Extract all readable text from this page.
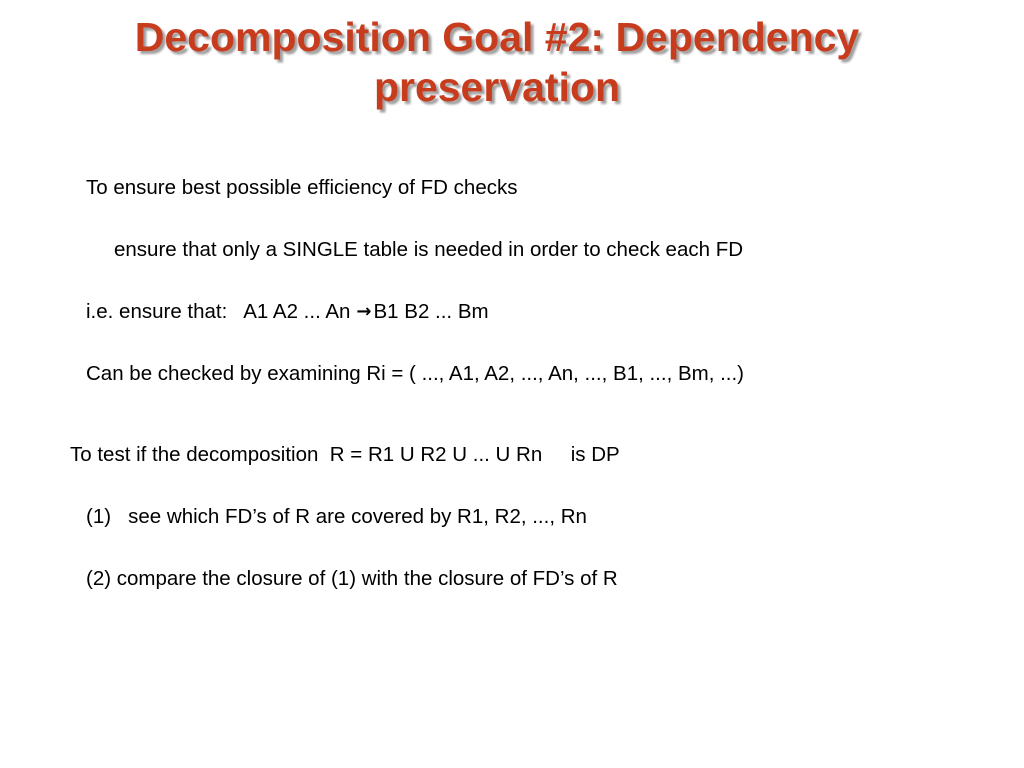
Decomposition Goal #2: Dependency
preservation

To ensure best possible efficiency of FD checks

ensure that only a SINGLE table is needed in order to check each FD

i.e. ensure that:   A1 A2 ... An →B1 B2 ... Bm

Can be checked by examining Ri = ( ..., A1, A2, ..., An, ..., B1, ..., Bm, ...)

To test if the decomposition  R = R1 U R2 U ... U Rn     is DP

(1)   see which FD’s of R are covered by R1, R2, ..., Rn

(2) compare the closure of (1) with the closure of FD’s of R
